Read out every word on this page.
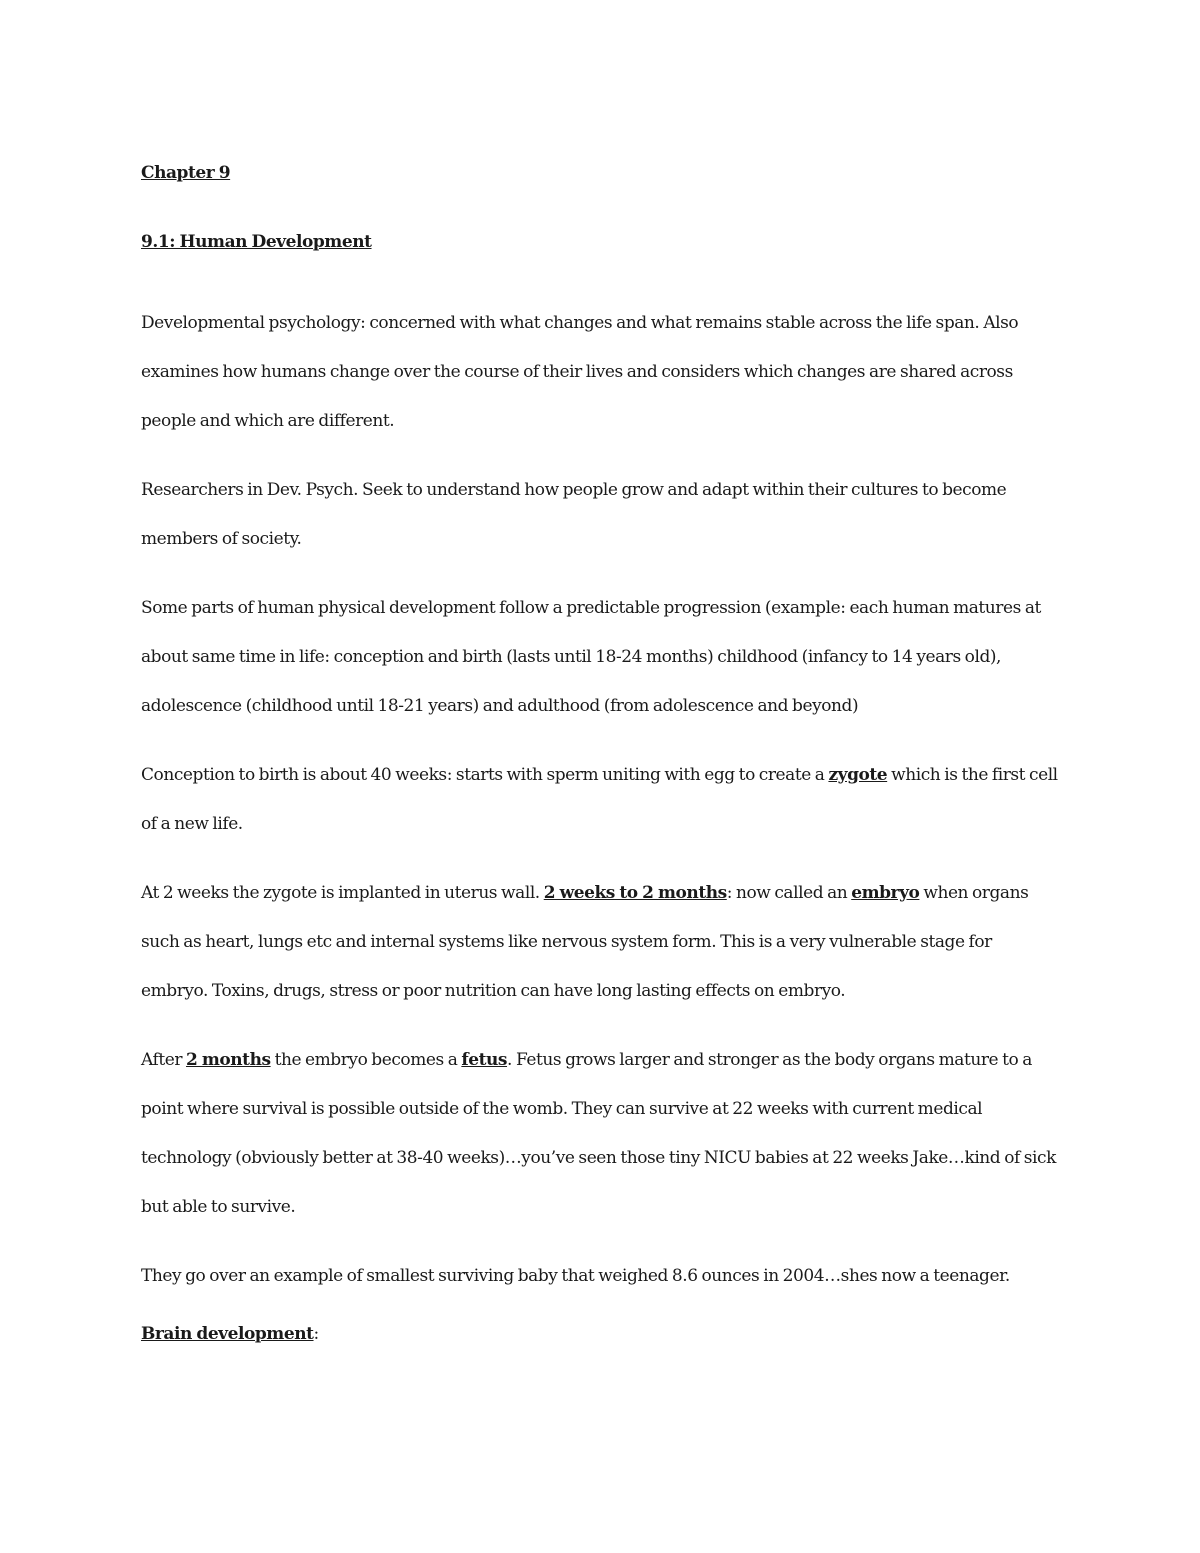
Chapter 9

9.1: Human Development

Developmental psychology: concerned with what changes and what remains stable across the life span. Also examines how humans change over the course of their lives and considers which changes are shared across people and which are different.

Researchers in Dev. Psych. Seek to understand how people grow and adapt within their cultures to become members of society.

Some parts of human physical development follow a predictable progression (example: each human matures at about same time in life: conception and birth (lasts until 18-24 months) childhood (infancy to 14 years old), adolescence (childhood until 18-21 years) and adulthood (from adolescence and beyond)

Conception to birth is about 40 weeks: starts with sperm uniting with egg to create a zygote which is the first cell of a new life.

At 2 weeks the zygote is implanted in uterus wall. 2 weeks to 2 months: now called an embryo when organs such as heart, lungs etc and internal systems like nervous system form. This is a very vulnerable stage for embryo. Toxins, drugs, stress or poor nutrition can have long lasting effects on embryo.

After 2 months the embryo becomes a fetus. Fetus grows larger and stronger as the body organs mature to a point where survival is possible outside of the womb. They can survive at 22 weeks with current medical technology (obviously better at 38-40 weeks)…you’ve seen those tiny NICU babies at 22 weeks Jake…kind of sick but able to survive.

They go over an example of smallest surviving baby that weighed 8.6 ounces in 2004…shes now a teenager.

Brain development:
